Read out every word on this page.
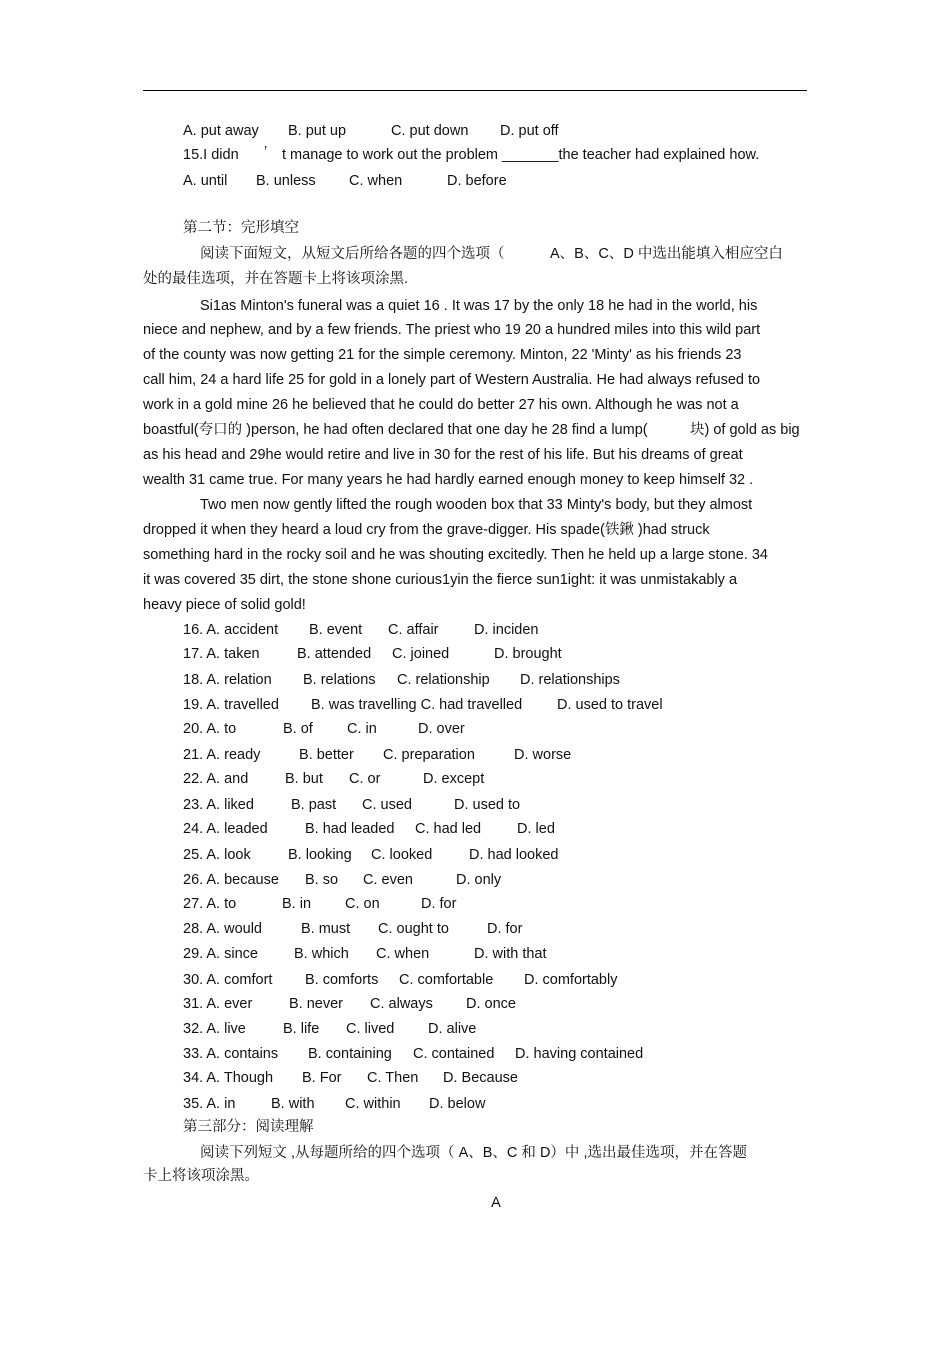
A. put away B. put up	C. put down D. put off
15.I didn ’ t manage to work out the problem _______the teacher had explained how.
A. until B. unless C. when	D. before
第二节：完形填空
阅读下面短文，从短文后所给各题的四个选项（	A、B、C、D 中选出能填入相应空白
处的最佳选项，并在答题卡上将该项涂黑.
Si1as Minton's funeral was a quiet 16 . It was 17 by the only 18 he had in the world, his
niece and nephew, and by a few friends. The priest who 19 20 a hundred miles into this wild part
of the county was now getting 21 for the simple ceremony. Minton, 22 'Minty' as his friends 23
call him, 24 a hard life 25 for gold in a lonely part of Western Australia. He had always refused to
work in a gold mine 26 he believed that he could do better 27 his own. Although he was not a
boastful(夸口的 )person, he had often declared that one day he 28 find a lump(	块) of gold as big
as his head and 29he would retire and live in 30 for the rest of his life. But his dreams of great
wealth 31 came true. For many years he had hardly earned enough money to keep himself 32 .
Two men now gently lifted the rough wooden box that 33 Minty's body, but they almost
dropped it when they heard a loud cry from the grave-digger. His spade(铁鍬 )had struck
something hard in the rocky soil and he was shouting excitedly. Then he held up a large stone. 34
it was covered 35 dirt, the stone shone curious1yin the fierce sun1ight: it was unmistakably a
heavy piece of solid gold!
16. A. accident B. event C. affair D. inciden
17. A. taken	B. attended C. joined	D. brought
18. A. relation B. relations C. relationship D. relationships
19. A. travelled B. was travelling C. had travelled D. used to travel
20. A. to	B. of C. in	D. over
21. A. ready	B. better C. preparation	D. worse
22. A. and	B. but C. or	D. except
23. A. liked	B. past C. used	D. used to
24. A. leaded	B. had leaded C. had led D. led
25. A. look	B. looking C. looked	D. had looked
26. A. because B. so C. even	D. only
27. A. to	B. in C. on	D. for
28. A. would	B. must C. ought to	D. for
29. A. since B. which C. when	D. with that
30. A. comfort B. comforts C. comfortable D. comfortably
31. A. ever	B. never C. always D. once
32. A. live	B. life C. lived D. alive
33. A. contains B. containing C. contained D. having contained
34. A. Though B. For C. Then D. Because
35. A. in B. with C. within D. below
第三部分：阅读理解
阅读下列短文 ,从每题所给的四个选项（ A、B、C 和 D）中 ,选出最佳选项，并在答题
卡上将该项涂黑。
A
